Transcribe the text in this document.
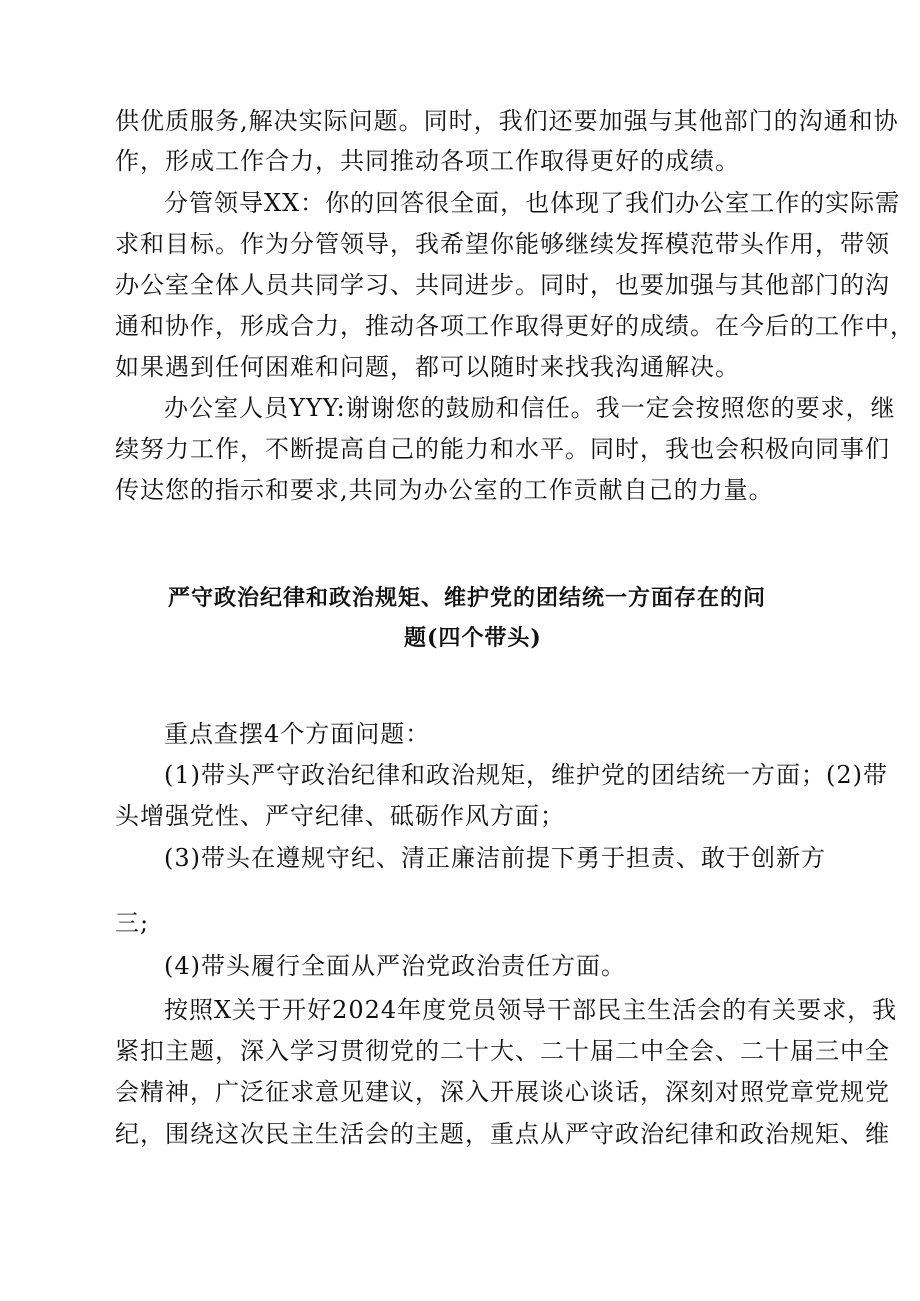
供优质服务,解决实际问题。同时，我们还要加强与其他部门的沟通和协
作，形成工作合力，共同推动各项工作取得更好的成绩。
分管领导XX：你的回答很全面，也体现了我们办公室工作的实际需
求和目标。作为分管领导，我希望你能够继续发挥模范带头作用，带领
办公室全体人员共同学习、共同进步。同时，也要加强与其他部门的沟
通和协作，形成合力，推动各项工作取得更好的成绩。在今后的工作中，
如果遇到任何困难和问题，都可以随时来找我沟通解决。
办公室人员YYY:谢谢您的鼓励和信任。我一定会按照您的要求，继
续努力工作，不断提高自己的能力和水平。同时，我也会积极向同事们
传达您的指示和要求,共同为办公室的工作贡献自己的力量。
严守政治纪律和政治规矩、维护党的团结统一方面存在的问
题(四个带头)
重点查摆4个方面问题：
(1)带头严守政治纪律和政治规矩，维护党的团结统一方面；(2)带
头增强党性、严守纪律、砥砺作风方面；
(3)带头在遵规守纪、清正廉洁前提下勇于担责、敢于创新方
三;
(4)带头履行全面从严治党政治责任方面。
按照X关于开好2024年度党员领导干部民主生活会的有关要求，我
紧扣主题，深入学习贯彻党的二十大、二十届二中全会、二十届三中全
会精神，广泛征求意见建议，深入开展谈心谈话，深刻对照党章党规党
纪，围绕这次民主生活会的主题，重点从严守政治纪律和政治规矩、维
